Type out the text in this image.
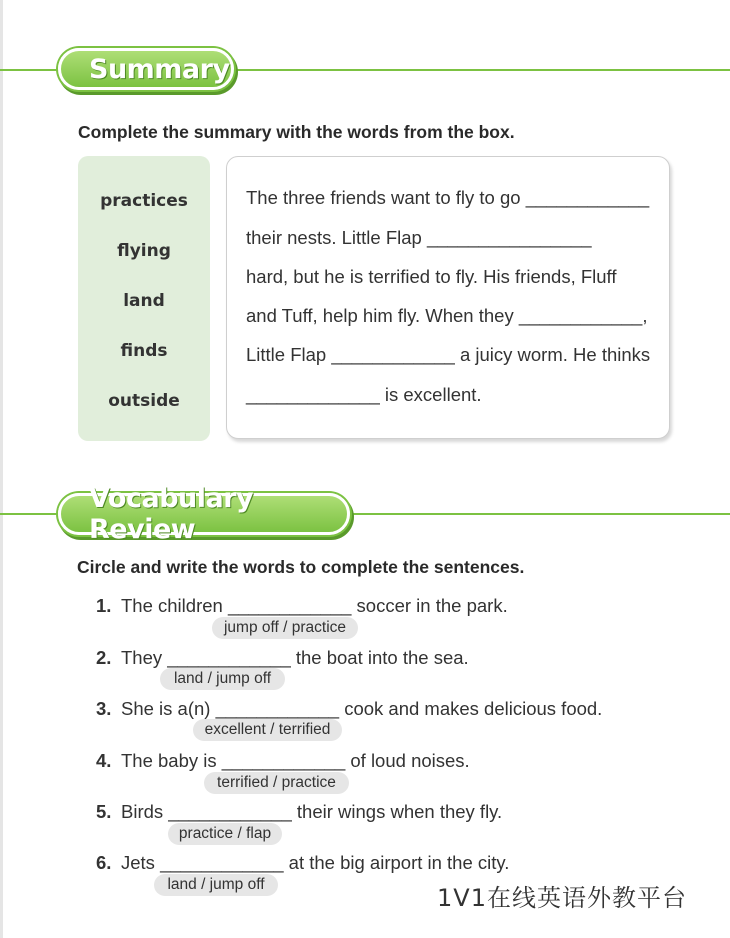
Summary
Complete the summary with the words from the box.
practices
flying
land
finds
outside
The three friends want to fly to go ____________
their nests. Little Flap ________________
hard, but he is terrified to fly. His friends, Fluff
and Tuff, help him fly. When they ____________,
Little Flap ____________ a juicy worm. He thinks
_____________ is excellent.
Vocabulary Review
Circle and write the words to complete the sentences.
1. The children ____________ soccer in the park.
jump off / practice
2. They ____________ the boat into the sea.
land / jump off
3. She is a(n) ____________ cook and makes delicious food.
excellent / terrified
4. The baby is ____________ of loud noises.
terrified / practice
5. Birds ____________ their wings when they fly.
practice / flap
6. Jets ____________ at the big airport in the city.
land / jump off	1V1在线英语外教平台
